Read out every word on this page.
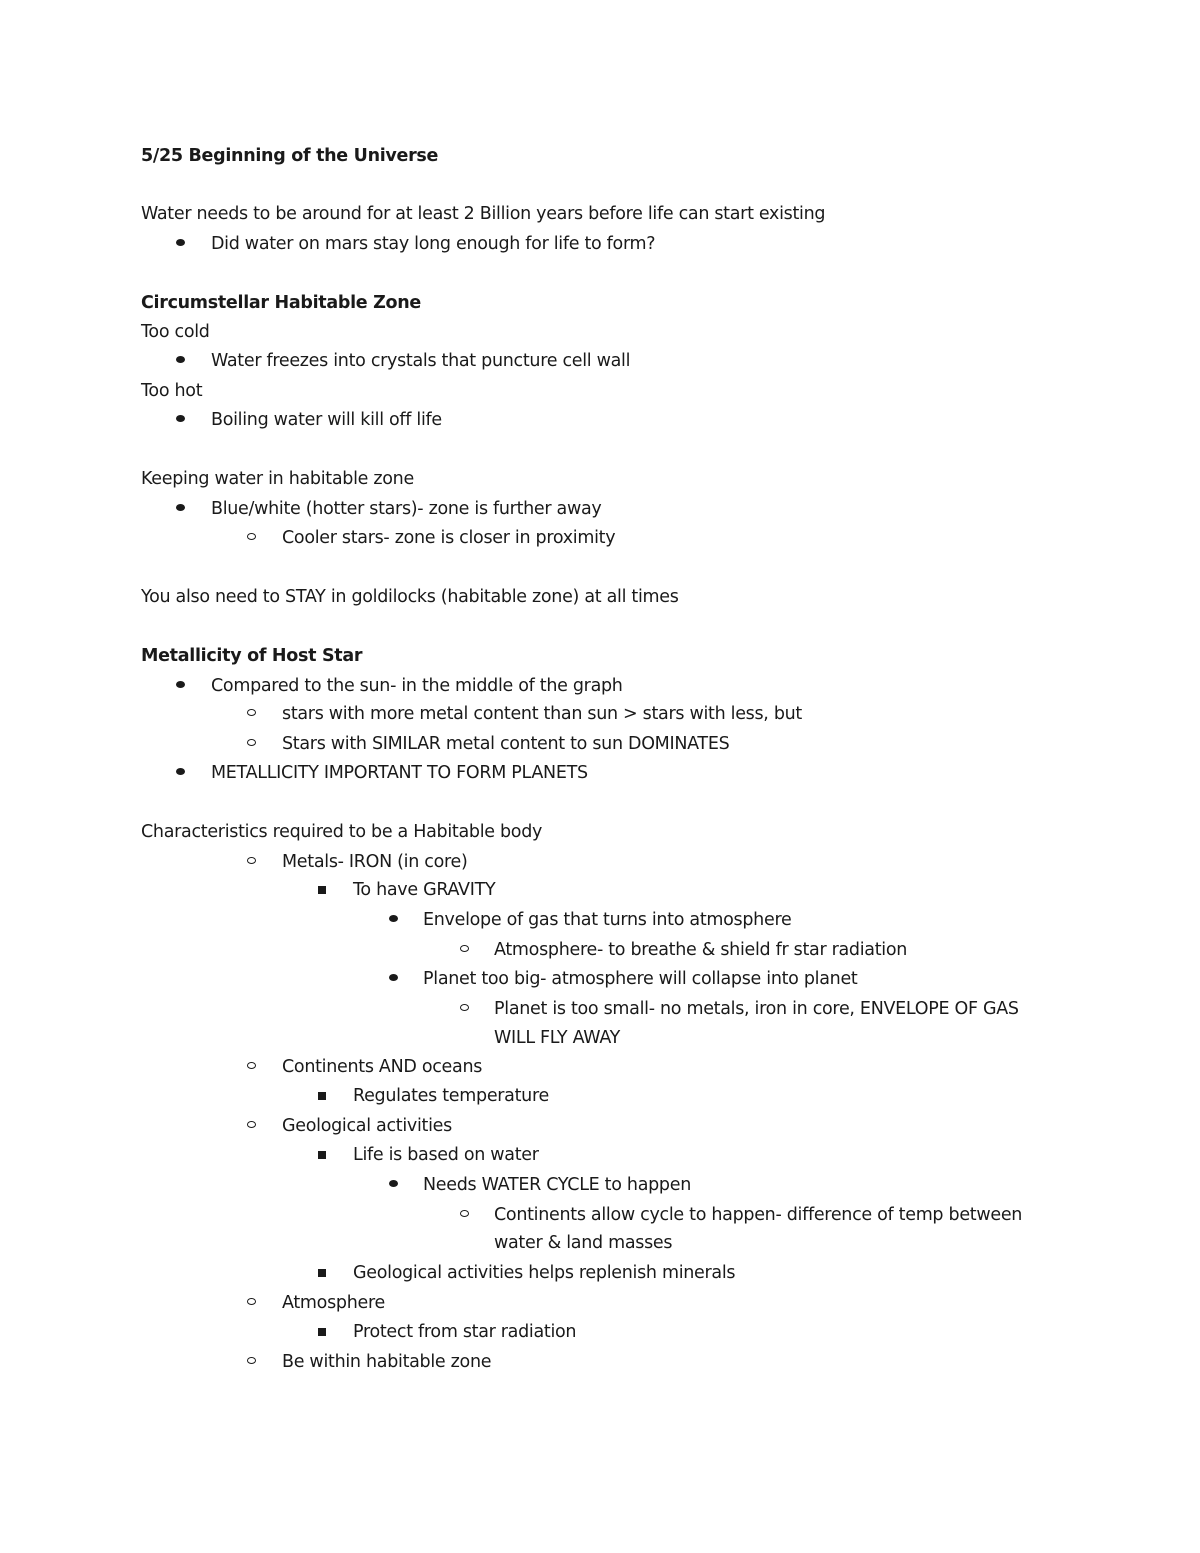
5/25 Beginning of the Universe
Water needs to be around for at least 2 Billion years before life can start existing
Did water on mars stay long enough for life to form?
Circumstellar Habitable Zone
Too cold
Water freezes into crystals that puncture cell wall
Too hot
Boiling water will kill off life
Keeping water in habitable zone
Blue/white (hotter stars)- zone is further away
Cooler stars- zone is closer in proximity
You also need to STAY in goldilocks (habitable zone) at all times
Metallicity of Host Star
Compared to the sun- in the middle of the graph
stars with more metal content than sun > stars with less, but
Stars with SIMILAR metal content to sun DOMINATES
METALLICITY IMPORTANT TO FORM PLANETS
Characteristics required to be a Habitable body
Metals- IRON (in core)
To have GRAVITY
Envelope of gas that turns into atmosphere
Atmosphere- to breathe & shield fr star radiation
Planet too big- atmosphere will collapse into planet
Planet is too small- no metals, iron in core, ENVELOPE OF GAS
WILL FLY AWAY
Continents AND oceans
Regulates temperature
Geological activities
Life is based on water
Needs WATER CYCLE to happen
Continents allow cycle to happen- difference of temp between
water & land masses
Geological activities helps replenish minerals
Atmosphere
Protect from star radiation
Be within habitable zone
